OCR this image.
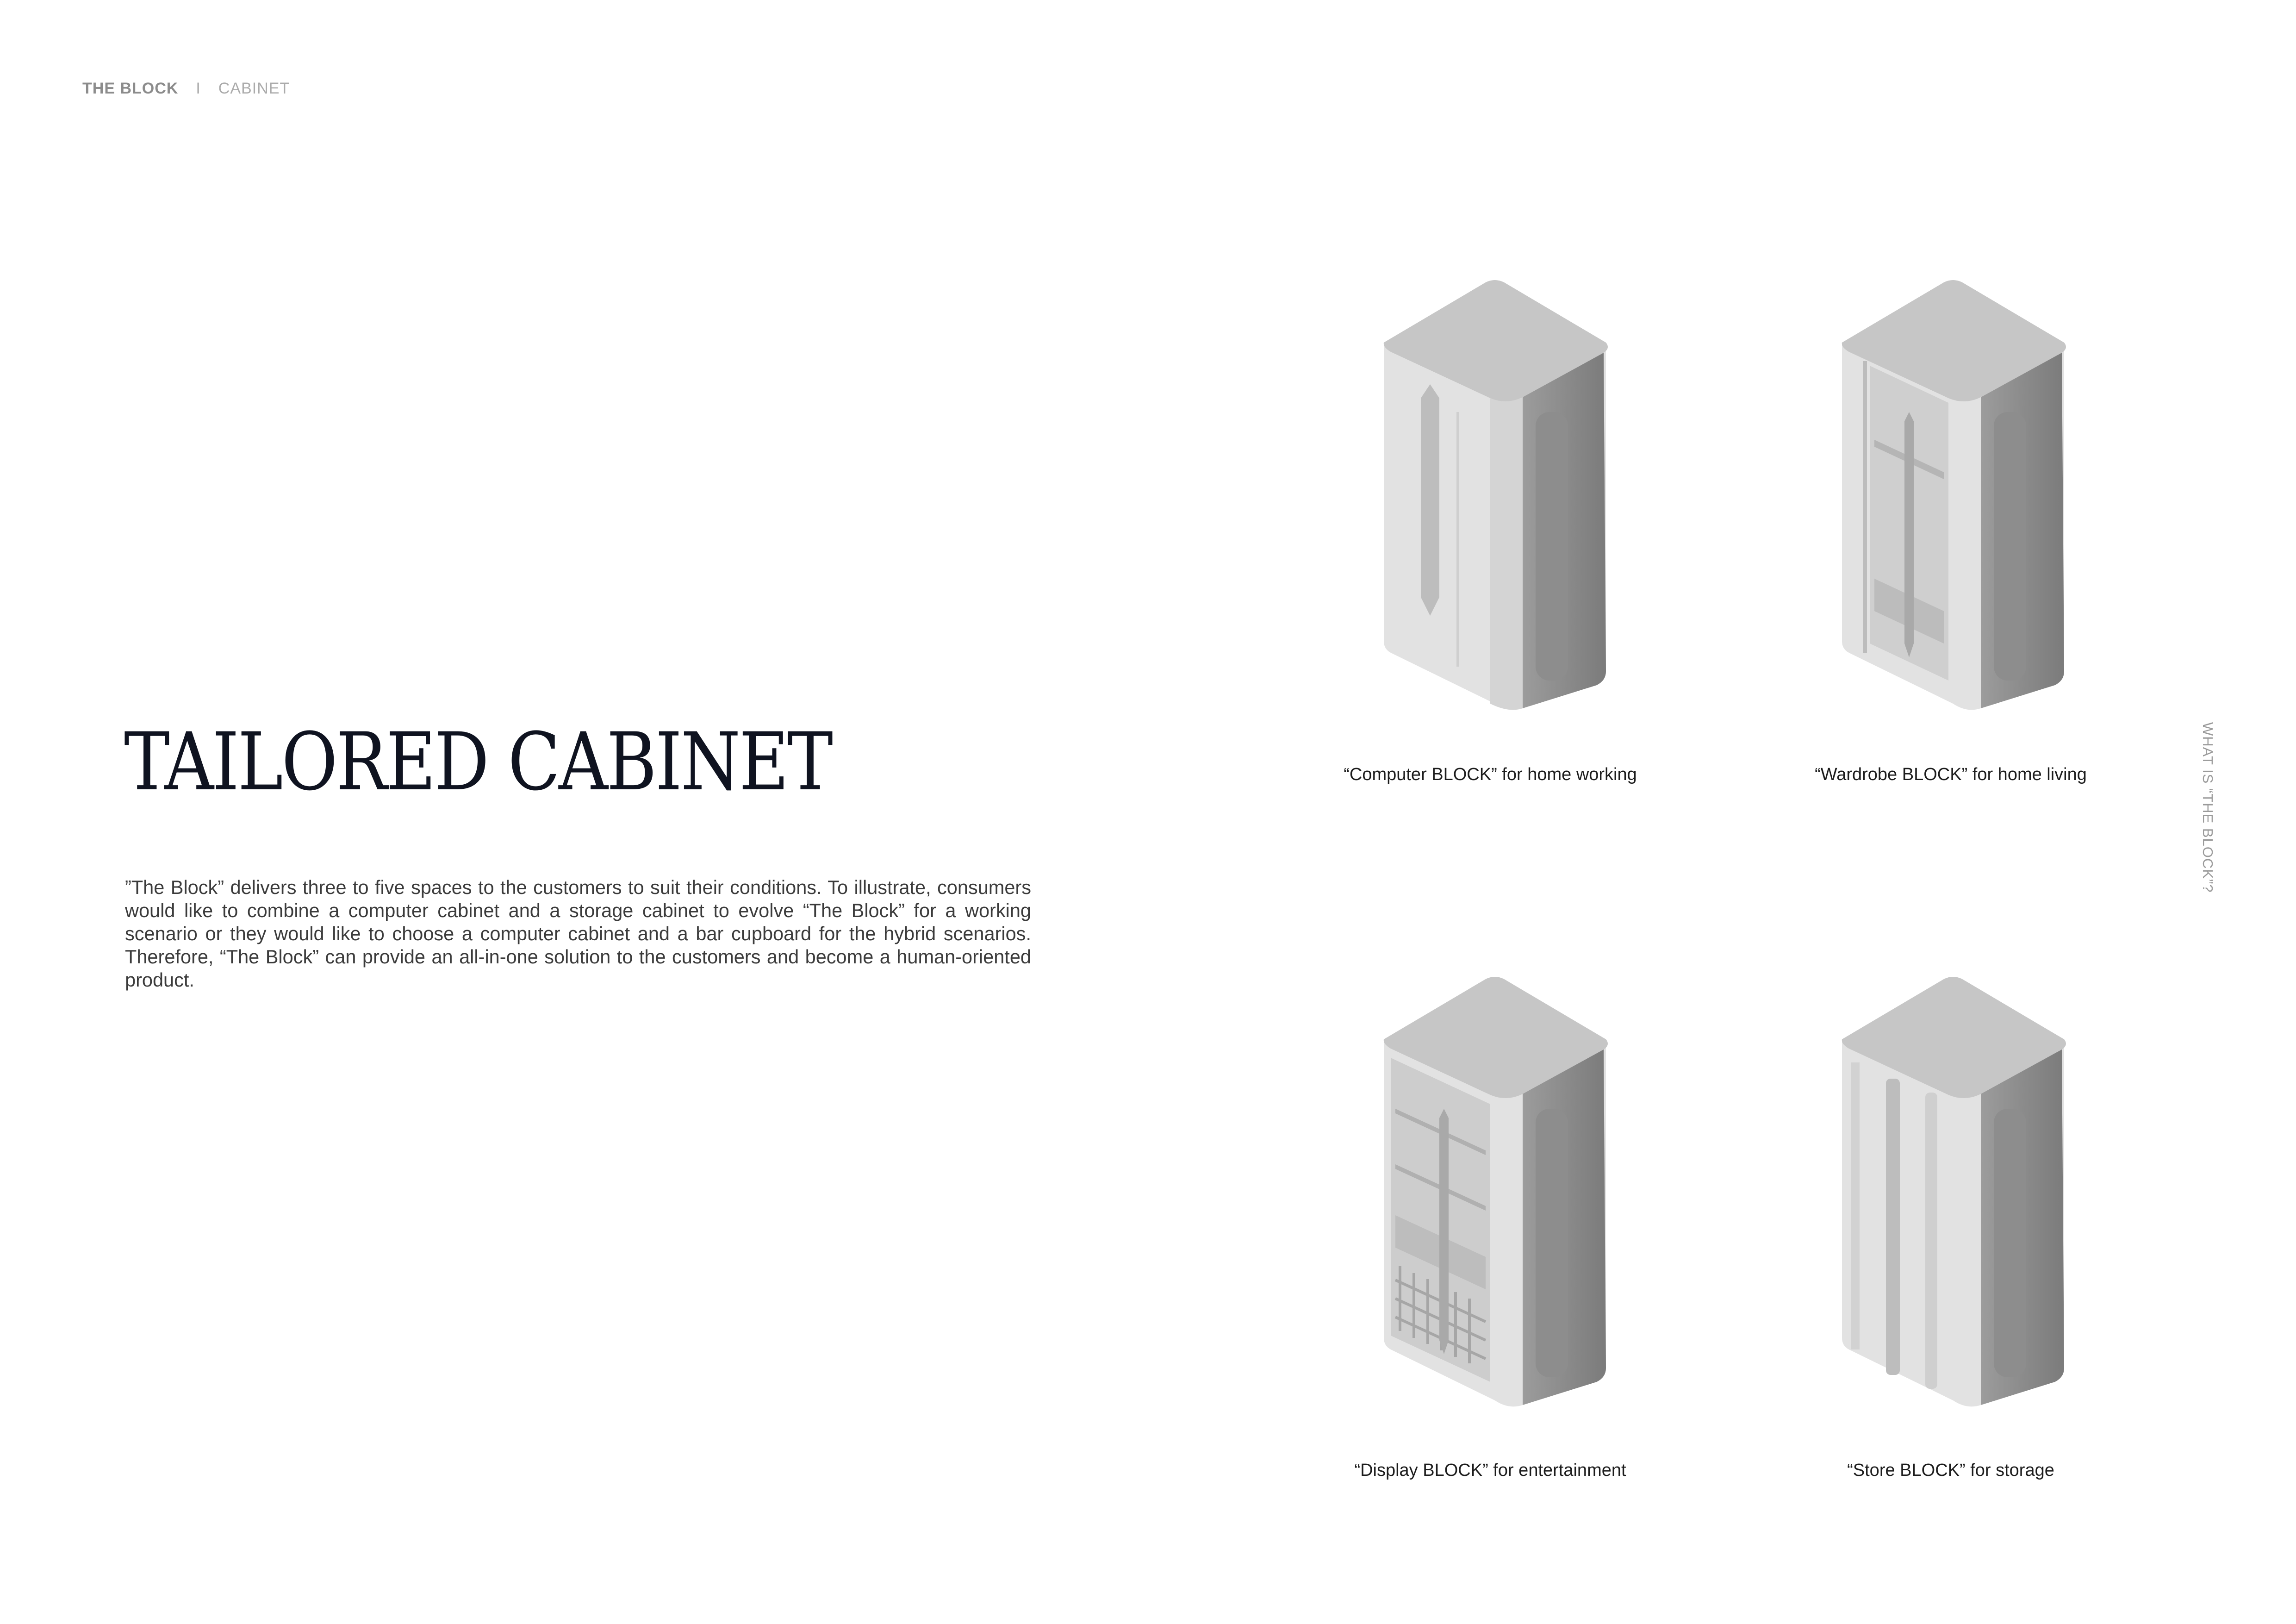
THE BLOCK I CABINET
TAILORED CABINET
”The Block” delivers three to five spaces to the customers to suit their conditions. To illustrate, consumers would like to combine a computer cabinet and a storage cabinet to evolve “The Block” for a working scenario or they would like to choose a computer cabinet and a bar cupboard for the hybrid scenarios. Therefore, “The Block” can provide an all-in-one solution to the customers and become a human-oriented product.
“Computer BLOCK” for home working	“Wardrobe BLOCK” for home living
“Display BLOCK” for entertainment	“Store BLOCK” for storage
WHAT IS “THE BLOCK”?
